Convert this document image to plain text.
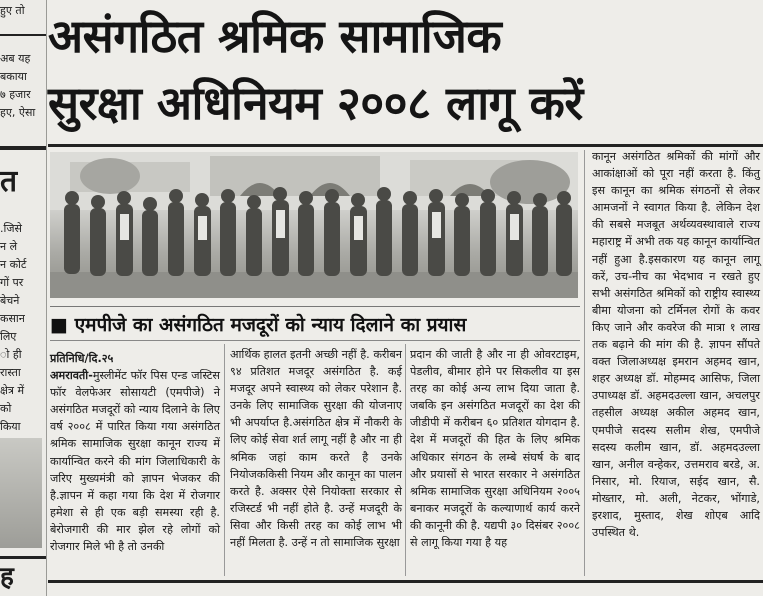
हुए तो
अब यह
बकाया
७ हजार
हए, ऐसा
त
.जिसे
न ले
न कोर्ट
गों पर
बेचने
कसान
लिए
ाे ही
रास्ता
क्षेत्र में
को
किया
ह
असंगठित श्रमिक सामाजिक
सुरक्षा अधिनियम २००८ लागू करें
■ एमपीजे का असंगठित मजदूरों को न्याय दिलाने का प्रयास

प्रतिनिधि/दि.२५

अमरावती-मुस्लीमेंट फॉर पिस एन्ड जस्टिस फॉर वेलफेअर सोसायटी (एमपीजे) ने असंगठित मजदूरों को न्याय दिलाने के लिए वर्ष २००८ में पारित किया गया असंगठित श्रमिक सामाजिक सुरक्षा कानून राज्य में कार्यान्वित करने की मांग जिलाधिकारी के जरिए मुख्यमंत्री को ज्ञापन भेजकर की है.ज्ञापन में कहा गया कि देश में रोजगार हमेशा से ही एक बड़ी समस्या रही है. बेरोजगारी की मार झेल रहे लोगों को रोजगार मिले भी है तो उनकी

आर्थिक हालत इतनी अच्छी नहीं है. करीबन ९४ प्रतिशत मजदूर असंगठित है. कई मजदूर अपने स्वास्थ्य को लेकर परेशान है. उनके लिए सामाजिक सुरक्षा की योजनाए भी अपर्याप्त है.असंगठित क्षेत्र में नौकरी के लिए कोई सेवा शर्त लागू नहीं है और ना ही श्रमिक जहां काम करते है उनके नियोजककिसी नियम और कानून का पालन करते है. अक्सर ऐसे नियोक्ता सरकार से रजिस्टर्ड भी नहीं होते है. उन्हें मजदूरी के सिवा और किसी तरह का कोई लाभ भी नहीं मिलता है. उन्हें न तो सामाजिक सुरक्षा

प्रदान की जाती है और ना ही ओवरटाइम, पेडलीव, बीमार होने पर सिकलीव या इस तरह का कोई अन्य लाभ दिया जाता है. जबकि इन असंगठित मजदूरों का देश की जीडीपी में करीबन ६० प्रतिशत योगदान है. देश में मजदूरों की हित के लिए श्रमिक अधिकार संगठन के लम्बे संघर्ष के बाद और प्रयासों से भारत सरकार ने असंगठित श्रमिक सामाजिक सुरक्षा अधिनियम २००५ बनाकर मजदूरों के कल्याणार्थ कार्य करने की कानूनी की है. यद्यपी ३० दिसंबर २००८ से लागू किया गया है यह

कानून असंगठित श्रमिकों की मांगों और आकांक्षाओं को पूरा नहीं करता है. किंतु इस कानून का श्रमिक संगठनों से लेकर आमजनों ने स्वागत किया है. लेकिन देश की सबसे मजबूत अर्थव्यवस्थावाले राज्य महाराष्ट्र में अभी तक यह कानून कार्यान्वित नहीं हुआ है.इसकारण यह कानून लागू करें, उच-नीच का भेदभाव न रखते हुए सभी असंगठित श्रमिकों को राष्ट्रीय स्वास्थ्य बीमा योजना को टर्मिनल रोगों के कवर किए जाने और कवरेज की मात्रा १ लाख तक बढ़ाने की मांग की है. ज्ञापन सौंपते वक्त जिलाअध्यक्ष इमरान अहमद खान, शहर अध्यक्ष डॉ. मोहम्मद आसिफ, जिला उपाध्यक्ष डॉ. अहमदउल्ला खान, अचलपुर तहसील अध्यक्ष अकील अहमद खान, एमपीजे सदस्य सलीम शेख, एमपीजे सदस्य कलीम खान, डॉ. अहमदउल्ला खान, अनील वन्हेकर, उत्तमराव बरडे, अ. निसार, मो. रियाज, सईद खान, सै. मोख्तार, मो. अली, नेटकर, भोंगाडे, इरशाद, मुस्ताद, शेख शोएब आदि उपस्थित थे.
